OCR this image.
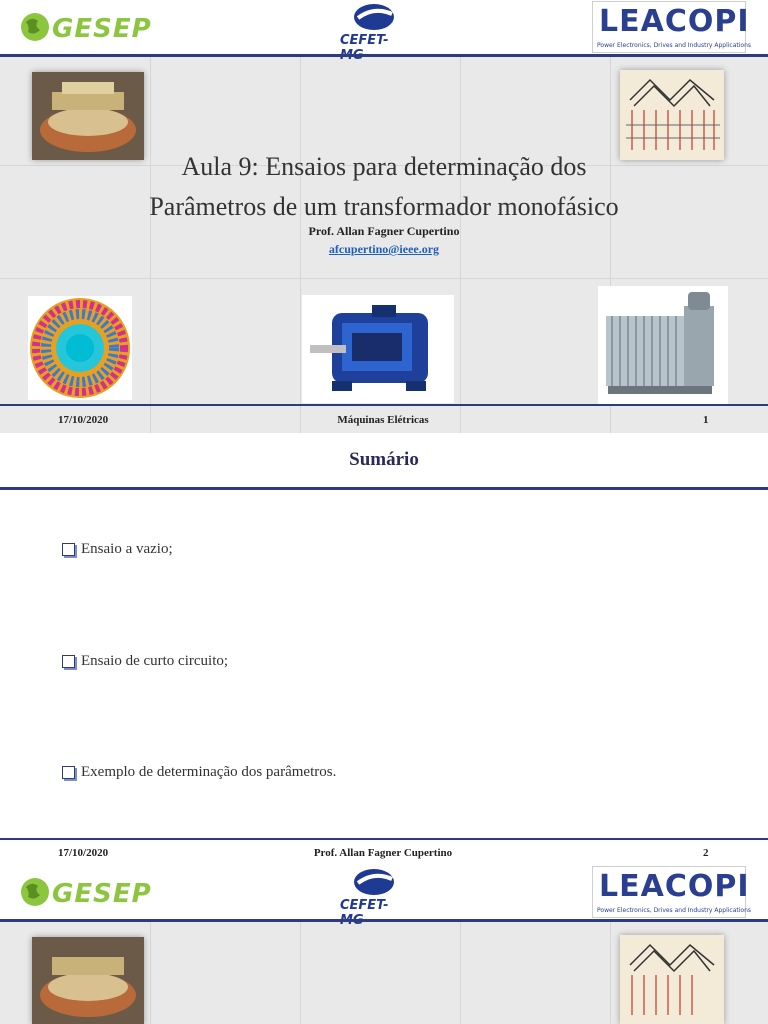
GESEP	CEFET-
LEACOPI
Power Electronics, Drives and Industry Applications
Aula 9: Ensaios para determinação dos
Parâmetros de um transformador monofásico
Prof. Allan Fagner Cupertino
afcupertino@ieee.org
17/10/2020	Máquinas Elétricas	1
Sumário
Ensaio a vazio;
Ensaio de curto circuito;
Exemplo de determinação dos parâmetros.
17/10/2020	Prof. Allan Fagner Cupertino	2
GESEP	CEFET-
LEACOPI
Power Electronics, Drives and Industry Applications
